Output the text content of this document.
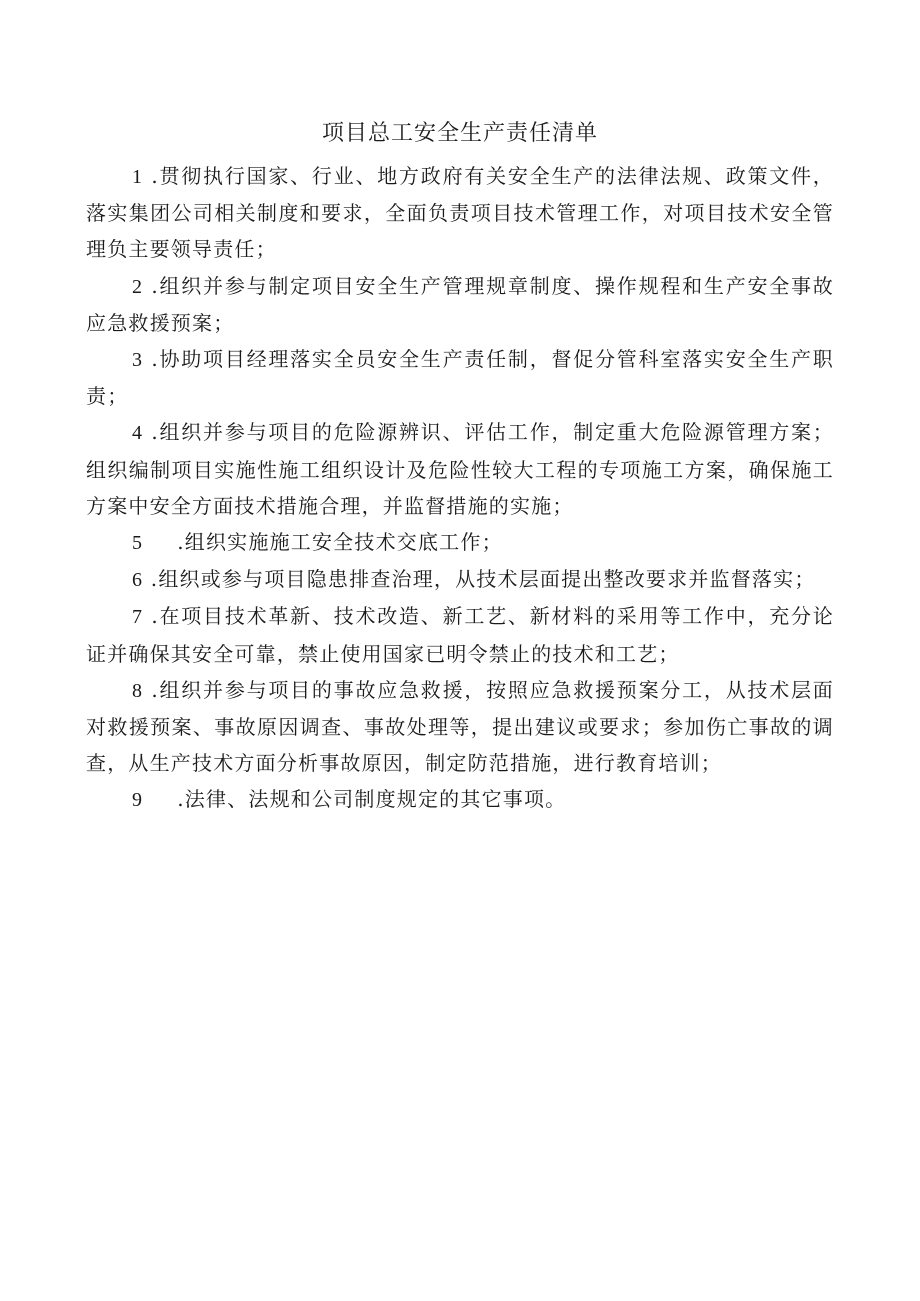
项目总工安全生产责任清单
1 .贯彻执行国家、行业、地方政府有关安全生产的法律法规、政策文件，落实集团公司相关制度和要求，全面负责项目技术管理工作，对项目技术安全管理负主要领导责任；
2 .组织并参与制定项目安全生产管理规章制度、操作规程和生产安全事故应急救援预案；
3 .协助项目经理落实全员安全生产责任制，督促分管科室落实安全生产职责；
4 .组织并参与项目的危险源辨识、评估工作，制定重大危险源管理方案；组织编制项目实施性施工组织设计及危险性较大工程的专项施工方案，确保施工方案中安全方面技术措施合理，并监督措施的实施；
5 .组织实施施工安全技术交底工作；
6 .组织或参与项目隐患排查治理，从技术层面提出整改要求并监督落实；
7 .在项目技术革新、技术改造、新工艺、新材料的采用等工作中，充分论证并确保其安全可靠，禁止使用国家已明令禁止的技术和工艺；
8 .组织并参与项目的事故应急救援，按照应急救援预案分工，从技术层面对救援预案、事故原因调查、事故处理等，提出建议或要求；参加伤亡事故的调查，从生产技术方面分析事故原因，制定防范措施，进行教育培训；
9 .法律、法规和公司制度规定的其它事项。
